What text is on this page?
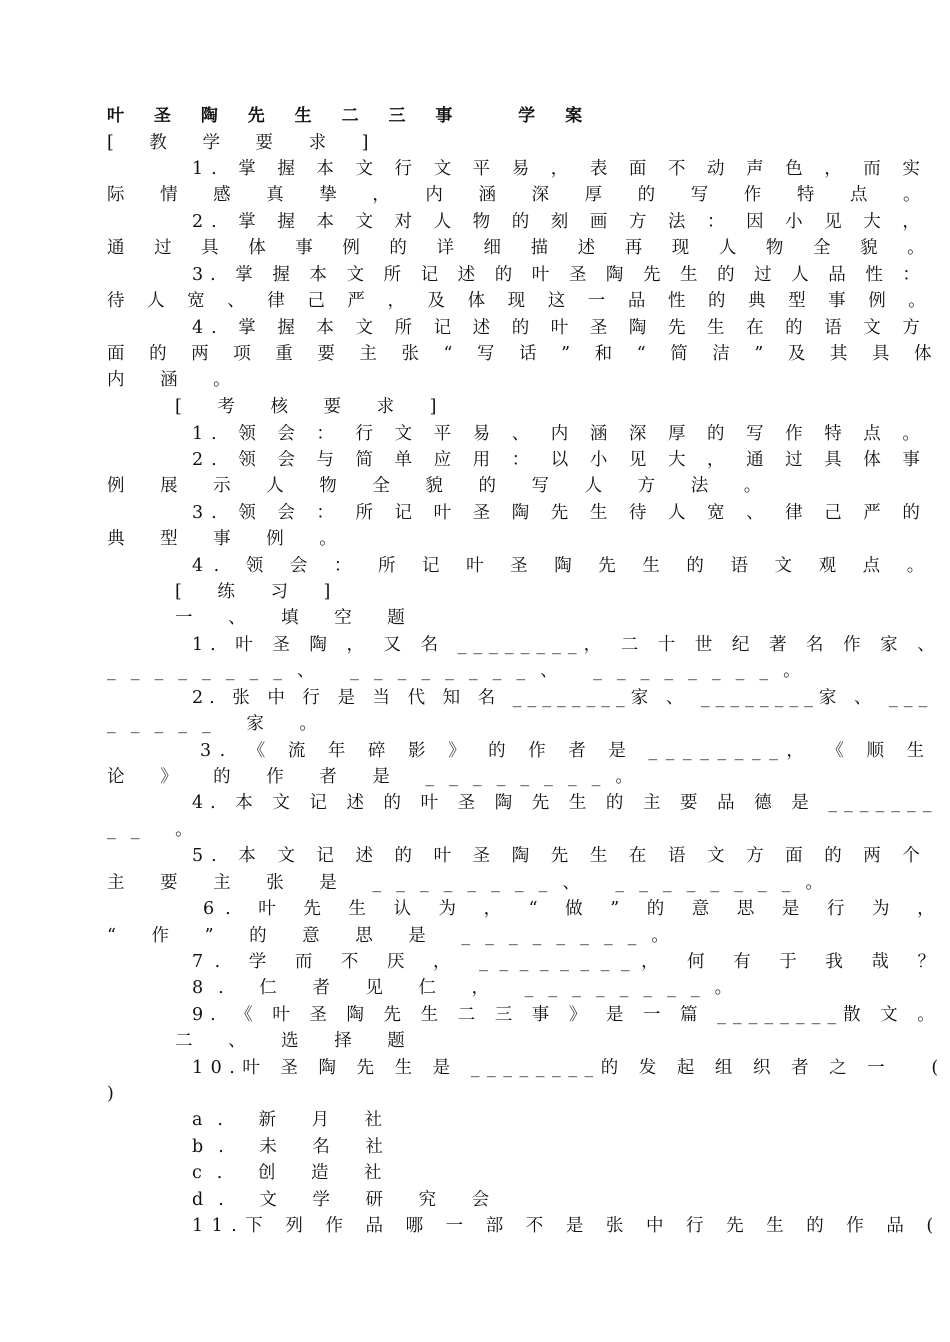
叶 圣 陶 先 生 二 三 事   学 案
[ 教 学 要 求 ]
1. 掌 握 本 文 行 文 平 易 ， 表 面 不 动 声 色 ， 而 实
际 情 感 真 挚 ， 内 涵 深 厚 的 写 作 特 点 。
2. 掌 握 本 文 对 人 物 的 刻 画 方 法 ： 因 小 见 大 ，
通 过 具 体 事 例 的 详 细 描 述 再 现 人 物 全 貌 。
3. 掌 握 本 文 所 记 述 的 叶 圣 陶 先 生 的 过 人 品 性 ：
待 人 宽 、 律 己 严 ， 及 体 现 这 一 品 性 的 典 型 事 例 。
4. 掌 握 本 文 所 记 述 的 叶 圣 陶 先 生 在 的 语 文 方
面 的 两 项 重 要 主 张 “ 写 话 ” 和 “ 简 洁 ” 及 其 具 体
内 涵 。
[ 考 核 要 求 ]
1. 领 会 ： 行 文 平 易 、 内 涵 深 厚 的 写 作 特 点 。
2. 领 会 与 简 单 应 用 ： 以 小 见 大 ， 通 过 具 体 事
例 展 示 人 物 全 貌 的 写 人 方 法 。
3. 领 会 ： 所 记 叶 圣 陶 先 生 待 人 宽 、 律 己 严 的
典 型 事 例 。
4. 领 会 ： 所 记 叶 圣 陶 先 生 的 语 文 观 点 。
[ 练 习 ]
一 、 填 空 题
1. 叶 圣 陶 ， 又 名 ________， 二 十 世 纪 著 名 作 家 、
________、 ________、 ________。
2. 张 中 行 是 当 代 知 名 ________家 、 ________家 、 ___
_____ 家 。
3. 《 流 年 碎 影 》 的 作 者 是 ________， 《 顺 生
论 》 的 作 者 是 ________。
4. 本 文 记 述 的 叶 圣 陶 先 生 的 主 要 品 德 是 _______
__ 。
5. 本 文 记 述 的 叶 圣 陶 先 生 在 语 文 方 面 的 两 个
主 要 主 张 是 ________、 ________。
6. 叶 先 生 认 为 ， “ 做 ” 的 意 思 是 行 为 ，
“ 作 ” 的 意 思 是 ________。
7. 学 而 不 厌 ， ________， 何 有 于 我 哉 ？
8. 仁 者 见 仁 ， ________。
9. 《 叶 圣 陶 先 生 二 三 事 》 是 一 篇 ________散 文 。
二 、 选 择 题
10.叶 圣 陶 先 生 是 ________的 发 起 组 织 者 之 一   (
)
a. 新 月 社
b. 未 名 社
c. 创 造 社
d. 文 学 研 究 会
11.下 列 作 品 哪 一 部 不 是 张 中 行 先 生 的 作 品 (
